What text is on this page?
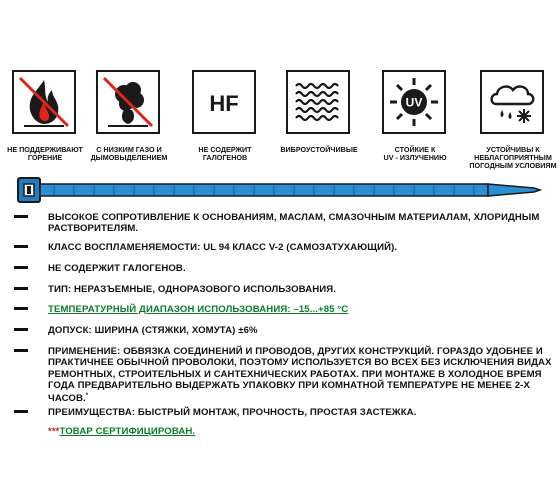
НЕ ПОДДЕРЖИВАЮТ
ГОРЕНИЕ
С НИЗКИМ ГАЗО И
ДЫМОВЫДЕЛЕНИЕМ
HF
НЕ СОДЕРЖИТ
ГАЛОГЕНОВ
ВИБРОУСТОЙЧИВЫЕ
UV
СТОЙКИЕ К
UV - ИЗЛУЧЕНИЮ
УСТОЙЧИВЫ К
НЕБЛАГОПРИЯТНЫМ
ПОГОДНЫМ УСЛОВИЯМ
ВЫСОКОЕ СОПРОТИВЛЕНИЕ К ОСНОВАНИЯМ, МАСЛАМ, СМАЗОЧНЫМ МАТЕРИАЛАМ, ХЛОРИДНЫМ РАСТВОРИТЕЛЯМ.
КЛАСС ВОСПЛАМЕНЯЕМОСТИ: UL 94 КЛАСС V-2 (САМОЗАТУХАЮЩИЙ).
НЕ СОДЕРЖИТ ГАЛОГЕНОВ.
ТИП: НЕРАЗЪЕМНЫЕ, ОДНОРАЗОВОГО ИСПОЛЬЗОВАНИЯ.
ТЕМПЕРАТУРНЫЙ ДИАПАЗОН ИСПОЛЬЗОВАНИЯ: –15...+85 °С
ДОПУСК: ШИРИНА (СТЯЖКИ, ХОМУТА) ±6%
ПРИМЕНЕНИЕ: ОБВЯЗКА СОЕДИНЕНИЙ И ПРОВОДОВ, ДРУГИХ КОНСТРУКЦИЙ. ГОРАЗДО УДОБНЕЕ И ПРАКТИЧНЕЕ ОБЫЧНОЙ ПРОВОЛОКИ, ПОЭТОМУ ИСПОЛЬЗУЕТСЯ ВО ВСЕХ БЕЗ ИСКЛЮЧЕНИЯ ВИДАХ РЕМОНТНЫХ, СТРОИТЕЛЬНЫХ И САНТЕХНИЧЕСКИХ РАБОТАХ. ПРИ МОНТАЖЕ В ХОЛОДНОЕ ВРЕМЯ ГОДА ПРЕДВАРИТЕЛЬНО ВЫДЕРЖАТЬ УПАКОВКУ ПРИ КОМНАТНОЙ ТЕМПЕРАТУРЕ НЕ МЕНЕЕ 2-Х ЧАСОВ.*
ПРЕИМУЩЕСТВА: БЫСТРЫЙ МОНТАЖ, ПРОЧНОСТЬ, ПРОСТАЯ ЗАСТЕЖКА.
***ТОВАР СЕРТИФИЦИРОВАН.
